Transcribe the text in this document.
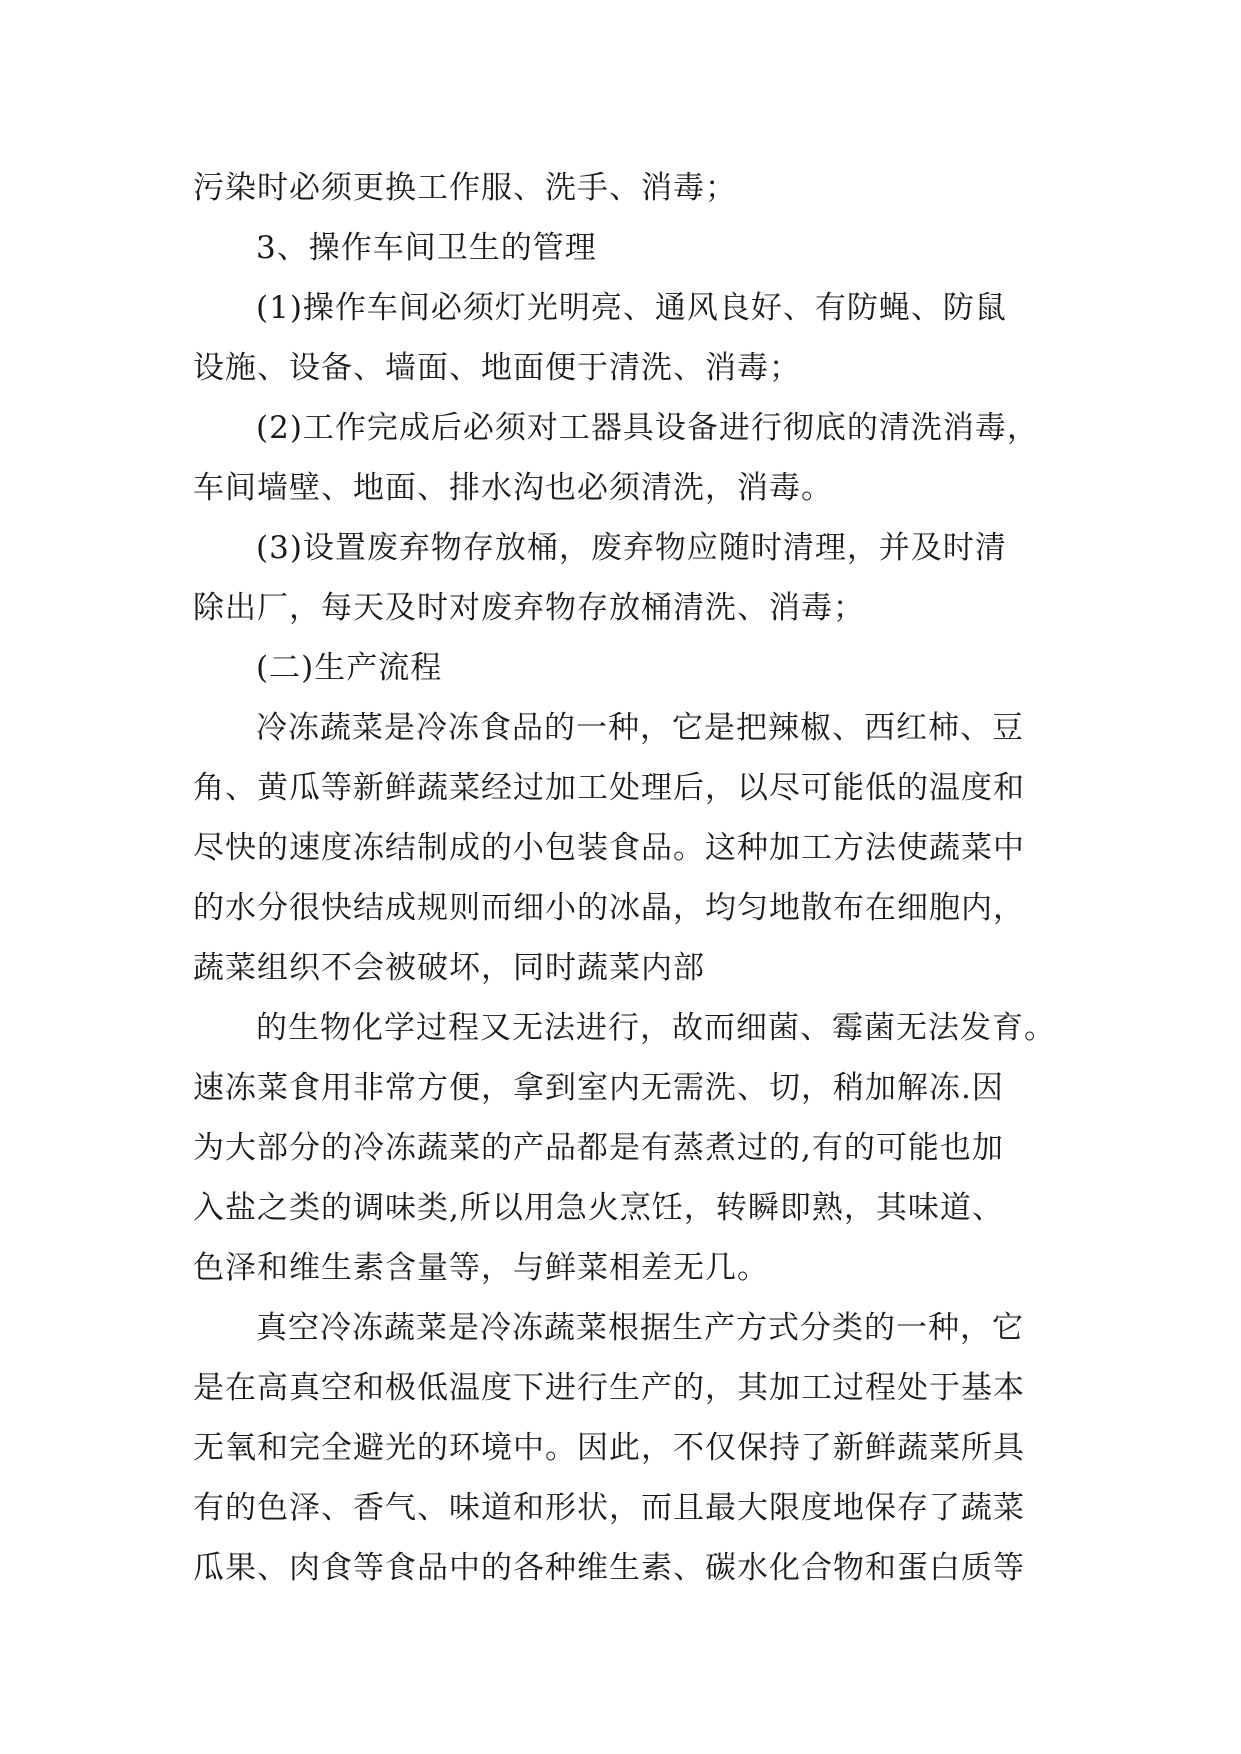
污染时必须更换工作服、洗手、消毒；
3、操作车间卫生的管理
(1)操作车间必须灯光明亮、通风良好、有防蝇、防鼠
设施、设备、墙面、地面便于清洗、消毒；
(2)工作完成后必须对工器具设备进行彻底的清洗消毒，
车间墙壁、地面、排水沟也必须清洗，消毒。
(3)设置废弃物存放桶，废弃物应随时清理，并及时清
除出厂，每天及时对废弃物存放桶清洗、消毒；
(二)生产流程
冷冻蔬菜是冷冻食品的一种，它是把辣椒、西红柿、豆
角、黄瓜等新鲜蔬菜经过加工处理后，以尽可能低的温度和
尽快的速度冻结制成的小包装食品。这种加工方法使蔬菜中
的水分很快结成规则而细小的冰晶，均匀地散布在细胞内，
蔬菜组织不会被破坏，同时蔬菜内部
的生物化学过程又无法进行，故而细菌、霉菌无法发育。
速冻菜食用非常方便，拿到室内无需洗、切，稍加解冻.因
为大部分的冷冻蔬菜的产品都是有蒸煮过的,有的可能也加
入盐之类的调味类,所以用急火烹饪，转瞬即熟，其味道、
色泽和维生素含量等，与鲜菜相差无几。
真空冷冻蔬菜是冷冻蔬菜根据生产方式分类的一种，它
是在高真空和极低温度下进行生产的，其加工过程处于基本
无氧和完全避光的环境中。因此，不仅保持了新鲜蔬菜所具
有的色泽、香气、味道和形状，而且最大限度地保存了蔬菜
瓜果、肉食等食品中的各种维生素、碳水化合物和蛋白质等
